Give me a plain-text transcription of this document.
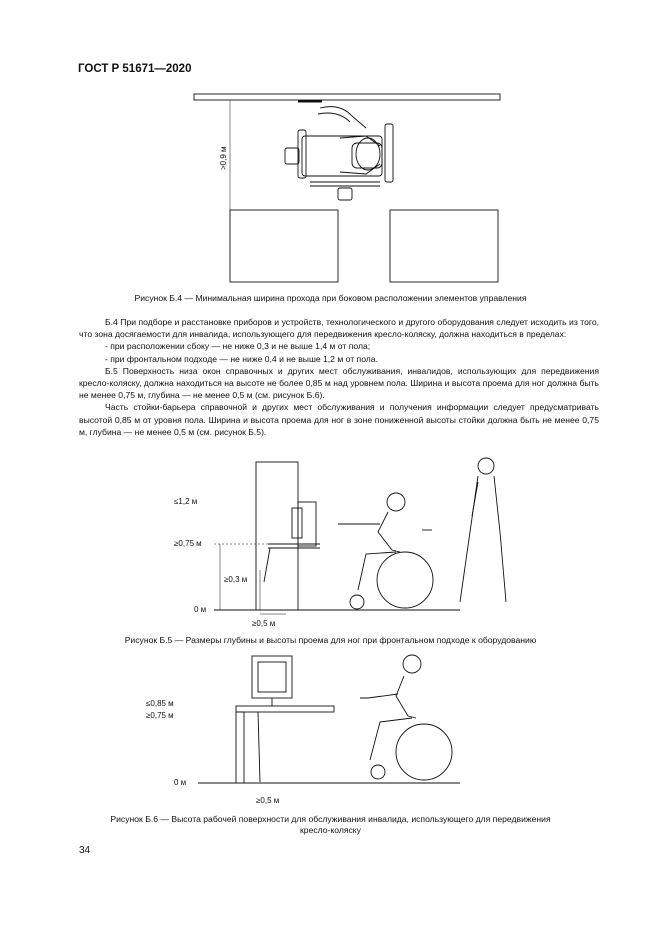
ГОСТ Р 51671—2020
>0,9 м
Рисунок Б.4 — Минимальная ширина прохода при боковом расположении элементов управления

Б.4 При подборе и расстановке приборов и устройств, технологического и другого оборудования следует исходить из того, что зона досягаемости для инвалида, использующего для передвижения кресло-коляску, должна находиться в пределах:

- при расположении сбоку — не ниже 0,3 и не выше 1,4 м от пола;

- при фронтальном подходе — не ниже 0,4 и не выше 1,2 м от пола.

Б.5 Поверхность низа окон справочных и других мест обслуживания, инвалидов, использующих для передвижения кресло-коляску, должна находиться на высоте не более 0,85 м над уровнем пола. Ширина и высота проема для ног должна быть не менее 0,75 м, глубина — не менее 0,5 м (см. рисунок Б.6).

Часть стойки-барьера справочной и других мест обслуживания и получения информации следует предусматривать высотой 0,85 м от уровня пола. Ширина и высота проема для ног в зоне пониженной высоты стойки должна быть не менее 0,75 м, глубина — не менее 0,5 м (см. рисунок Б.5).

≤1,2 м
≥0,75 м
≥0,3 м
0 м
≥0,5 м
Рисунок Б.5 — Размеры глубины и высоты проема для ног при фронтальном подходе к оборудованию
≤0,85 м
≥0,75 м
0 м
≥0,5 м
Рисунок Б.6 — Высота рабочей поверхности для обслуживания инвалида, использующего для передвижения
кресло-коляску
34
